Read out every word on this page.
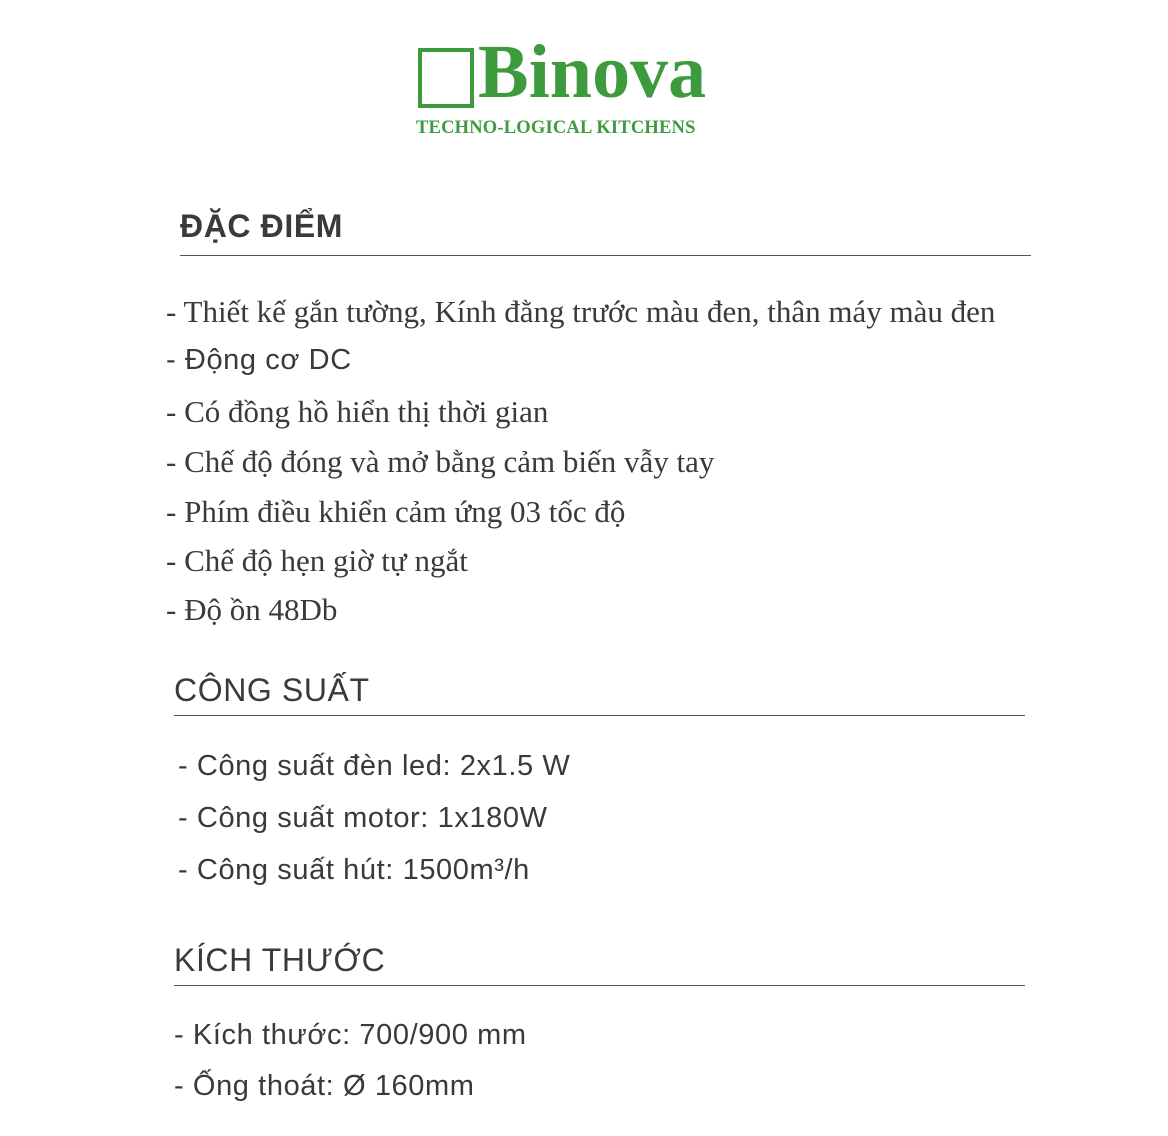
Binova
TECHNO-LOGICAL KITCHENS
ĐẶC ĐIỂM

- Thiết kế gắn tường, Kính đằng trước màu đen, thân máy màu đen

- Động cơ DC

- Có đồng hồ hiển thị thời gian

- Chế độ đóng và mở bằng cảm biến vẫy tay

- Phím điều khiển cảm ứng 03 tốc độ

- Chế độ hẹn giờ tự ngắt

- Độ ồn 48Db

CÔNG SUẤT

- Công suất đèn led: 2x1.5 W

- Công suất motor: 1x180W

- Công suất hút: 1500m³/h

KÍCH THƯỚC

- Kích thước: 700/900 mm

- Ống thoát: Ø 160mm
